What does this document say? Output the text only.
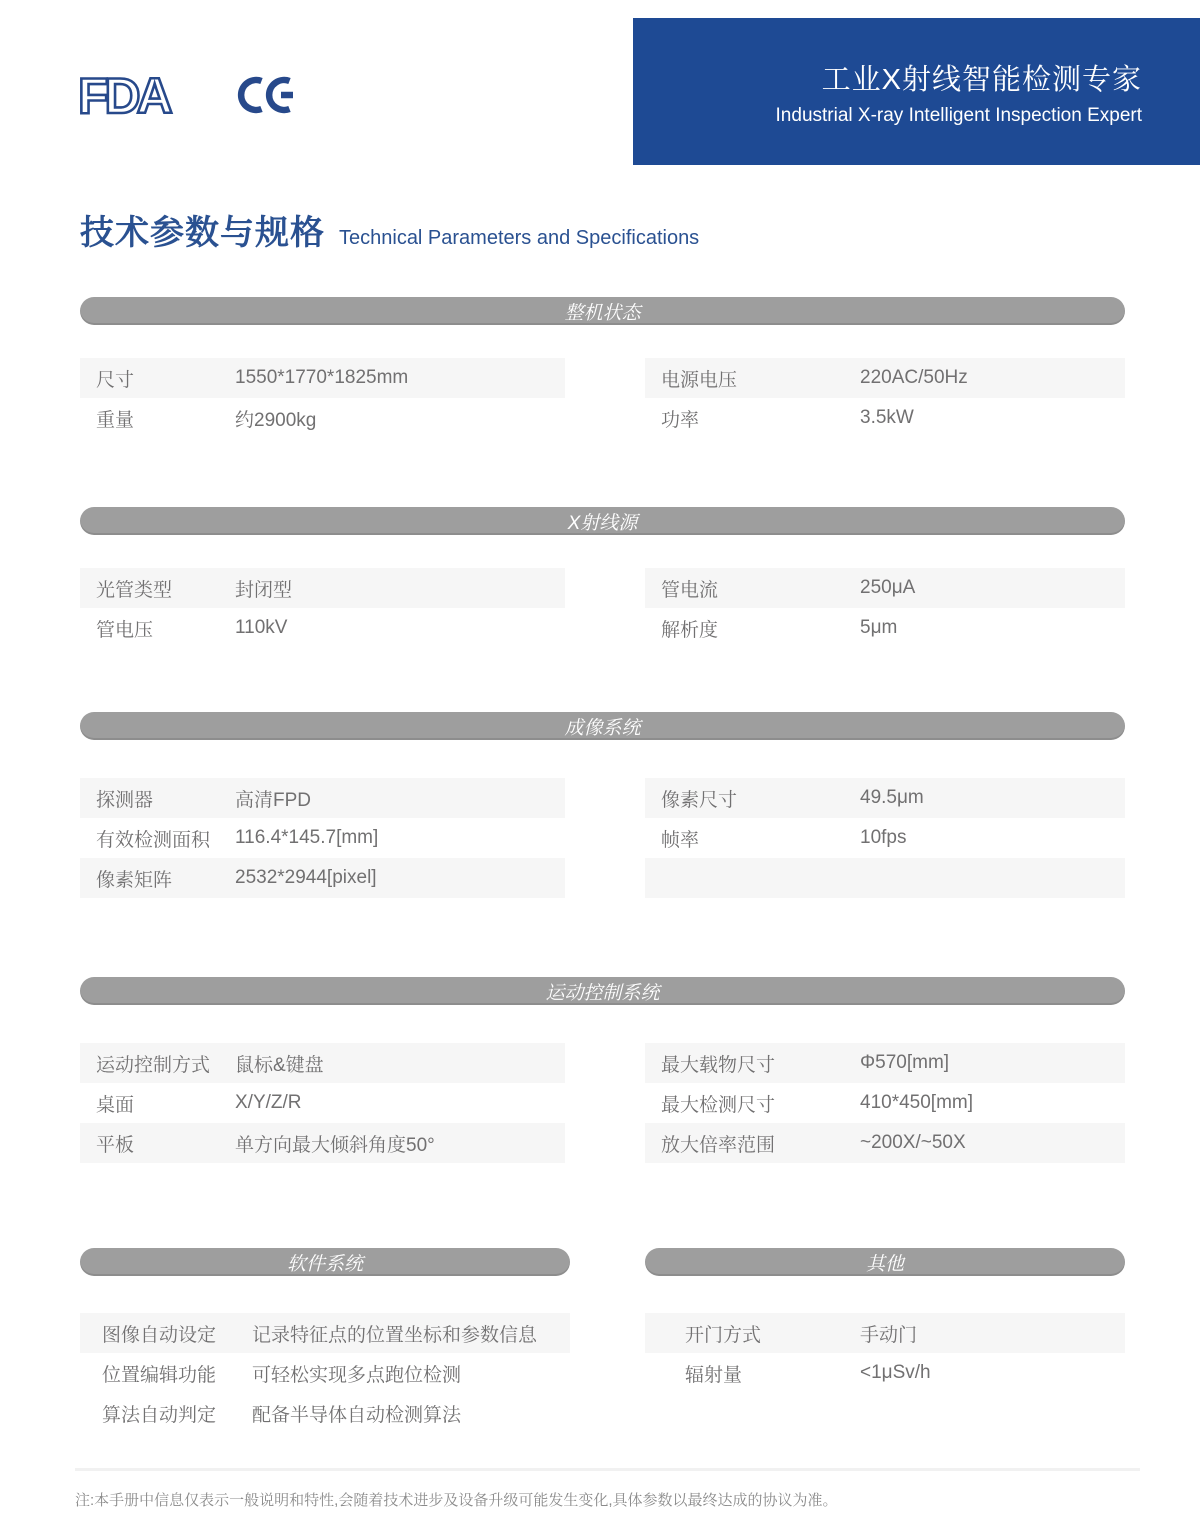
工业X射线智能检测专家
Industrial X-ray Intelligent Inspection Expert
FDA
技术参数与规格 Technical Parameters and Specifications
整机状态
尺寸	1550*1770*1825mm
重量	约2900kg
电源电压	220AC/50Hz
功率	3.5kW
X射线源
光管类型	封闭型
管电压	110kV
管电流	250μA
解析度	5μm
成像系统
探测器	高清FPD
有效检测面积	116.4*145.7[mm]
像素矩阵	2532*2944[pixel]
像素尺寸	49.5μm
帧率	10fps
运动控制系统
运动控制方式	鼠标&键盘
桌面	X/Y/Z/R
平板	单方向最大倾斜角度50°
最大载物尺寸	Φ570[mm]
最大检测尺寸	410*450[mm]
放大倍率范围	~200X/~50X
软件系统	其他
图像自动设定	记录特征点的位置坐标和参数信息
位置编辑功能	可轻松实现多点跑位检测
算法自动判定	配备半导体自动检测算法
开门方式	手动门
辐射量	<1μSv/h
注:本手册中信息仅表示一般说明和特性,会随着技术进步及设备升级可能发生变化,具体参数以最终达成的协议为准。
